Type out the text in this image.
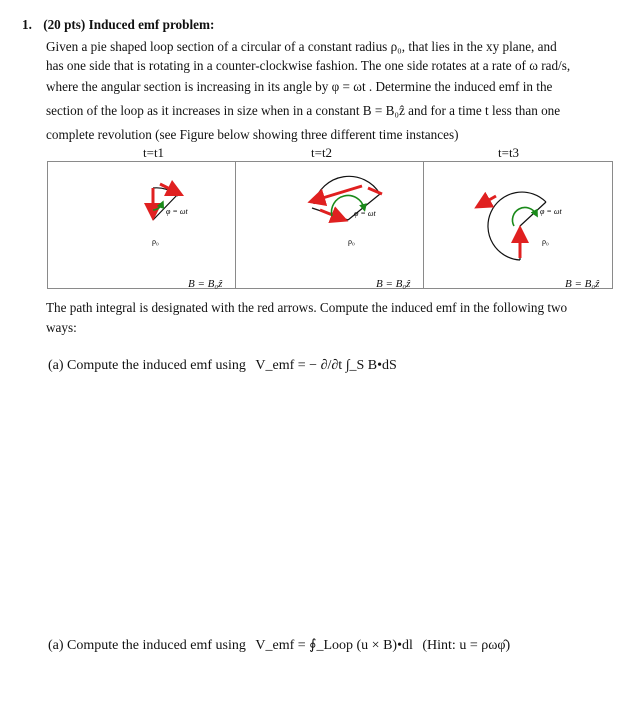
1. (20 pts) Induced emf problem:
Given a pie shaped loop section of a circular of a constant radius ρ₀, that lies in the xy plane, and
has one side that is rotating in a counter-clockwise fashion. The one side rotates at a rate of ω rad/s,
where the angular section is increasing in its angle by φ = ωt . Determine the induced emf in the
section of the loop as it increases in size when in a constant B = B₀ẑ and for a time t less than one
complete revolution (see Figure below showing three different time instances)
t=t1	t=t2	t=t3
φ = ωt
ρ₀
φ = ωt
ρ₀
φ = ωt
ρ₀
B = B₀ẑ	B = B₀ẑ	B = B₀ẑ
The path integral is designated with the red arrows. Compute the induced emf in the following two
ways:
(a) Compute the induced emf using V_emf = − ∂/∂t ∫_S B•dS
(a) Compute the induced emf using V_emf = ∮_Loop (u × B)•dl (Hint: u = ρωφ̂)
